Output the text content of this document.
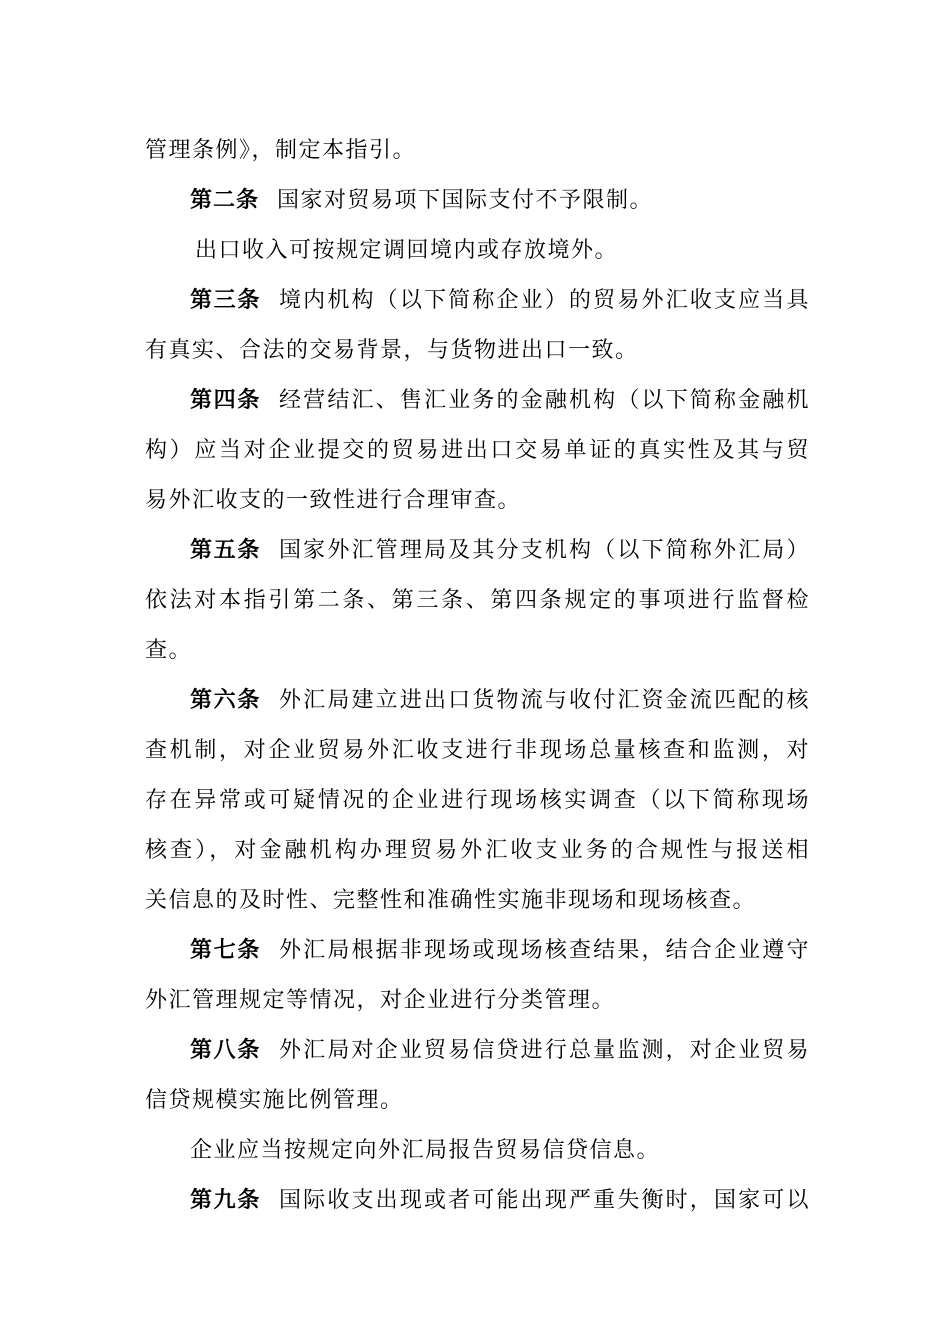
管理条例》，制定本指引。
第二条 国家对贸易项下国际支付不予限制。
出口收入可按规定调回境内或存放境外。
第三条 境内机构（以下简称企业）的贸易外汇收支应当具
有真实、合法的交易背景，与货物进出口一致。
第四条 经营结汇、售汇业务的金融机构（以下简称金融机
构）应当对企业提交的贸易进出口交易单证的真实性及其与贸
易外汇收支的一致性进行合理审查。
第五条 国家外汇管理局及其分支机构（以下简称外汇局）
依法对本指引第二条、第三条、第四条规定的事项进行监督检
查。
第六条 外汇局建立进出口货物流与收付汇资金流匹配的核
查机制，对企业贸易外汇收支进行非现场总量核查和监测，对
存在异常或可疑情况的企业进行现场核实调查（以下简称现场
核查），对金融机构办理贸易外汇收支业务的合规性与报送相
关信息的及时性、完整性和准确性实施非现场和现场核查。
第七条 外汇局根据非现场或现场核查结果，结合企业遵守
外汇管理规定等情况，对企业进行分类管理。
第八条 外汇局对企业贸易信贷进行总量监测，对企业贸易
信贷规模实施比例管理。
企业应当按规定向外汇局报告贸易信贷信息。
第九条 国际收支出现或者可能出现严重失衡时，国家可以
